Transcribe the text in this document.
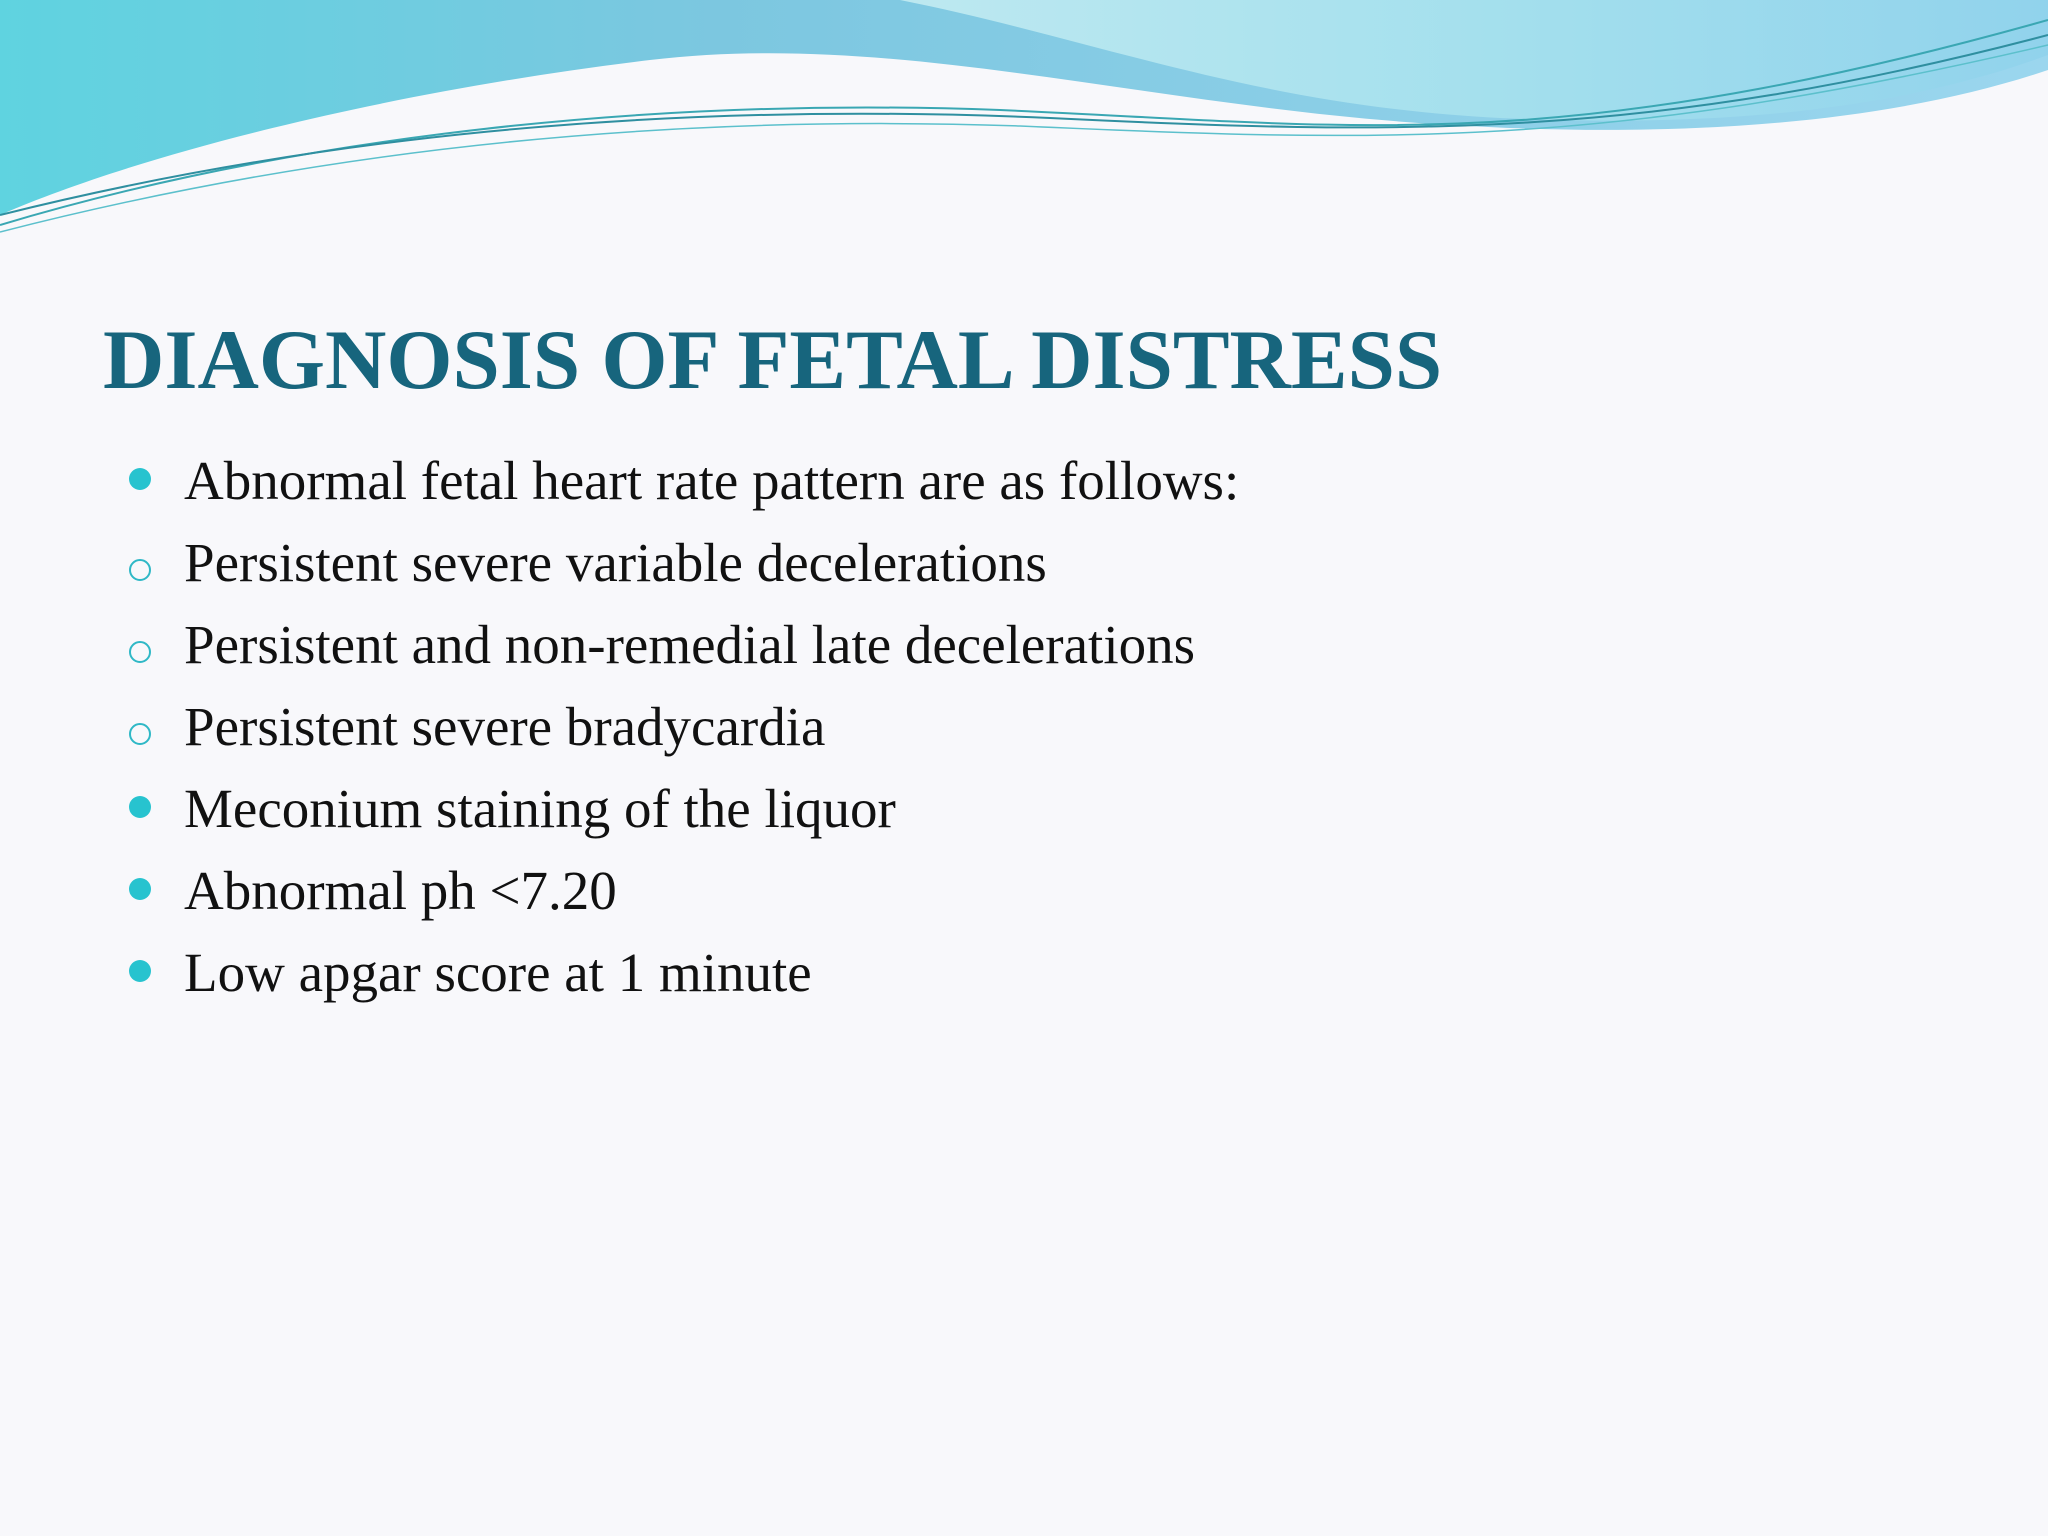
DIAGNOSIS OF FETAL DISTRESS
Abnormal fetal heart rate pattern are as follows:
Persistent severe variable decelerations
Persistent and non-remedial late decelerations
Persistent severe bradycardia
Meconium staining of the liquor
Abnormal ph <7.20
Low apgar score at 1 minute
